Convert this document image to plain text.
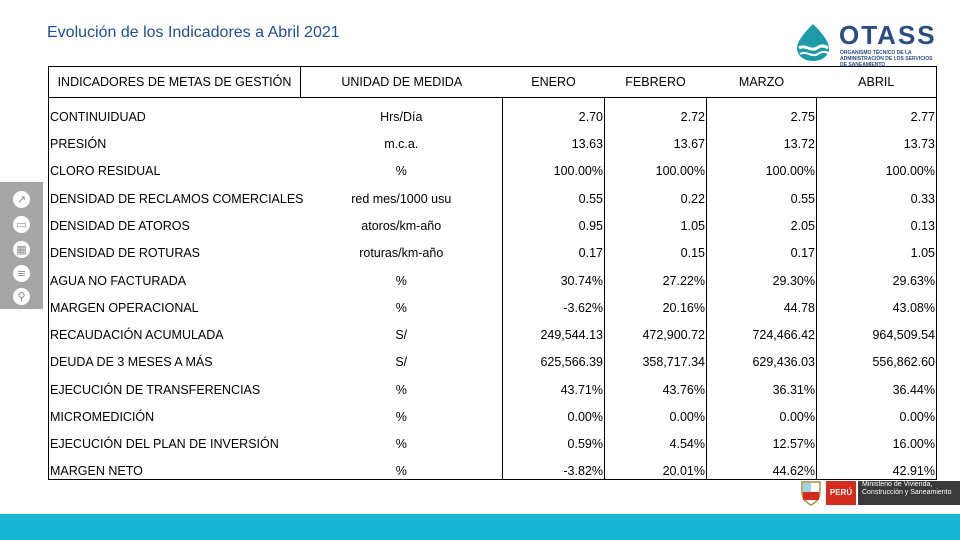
Evolución de los Indicadores a Abril 2021	OTASS
ORGANISMO TÉCNICO DE LA ADMINISTRACIÓN DE LOS SERVICIOS DE SANEAMIENTO
↗
▭
▦
≡
⚲
INDICADORES DE METAS DE GESTIÓN	UNIDAD DE MEDIDA	ENERO	FEBRERO	MARZO	ABRIL
CONTINUIDUAD	Hrs/Día	2.70	2.72	2.75	2.77
PRESIÓN	m.c.a.	13.63	13.67	13.72	13.73
CLORO RESIDUAL	%	100.00%	100.00%	100.00%	100.00%
DENSIDAD DE RECLAMOS COMERCIALES	red mes/1000 usu	0.55	0.22	0.55	0.33
DENSIDAD DE ATOROS	atoros/km-año	0.95	1.05	2.05	0.13
DENSIDAD DE ROTURAS	roturas/km-año	0.17	0.15	0.17	1.05
AGUA NO FACTURADA	%	30.74%	27.22%	29.30%	29.63%
MARGEN OPERACIONAL	%	-3.62%	20.16%	44.78	43.08%
RECAUDACIÓN ACUMULADA	S/	249,544.13	472,900.72	724,466.42	964,509.54
DEUDA DE 3 MESES A MÁS	S/	625,566.39	358,717.34	629,436.03	556,862.60
EJECUCIÓN DE TRANSFERENCIAS	%	43.71%	43.76%	36.31%	36.44%
MICROMEDICIÓN	%	0.00%	0.00%	0.00%	0.00%
EJECUCIÓN DEL PLAN DE INVERSIÓN	%	0.59%	4.54%	12.57%	16.00%
MARGEN NETO	%	-3.82%	20.01%	44.62%	42.91%
PERÚ
Ministerio de Vivienda, Construcción y Saneamiento
